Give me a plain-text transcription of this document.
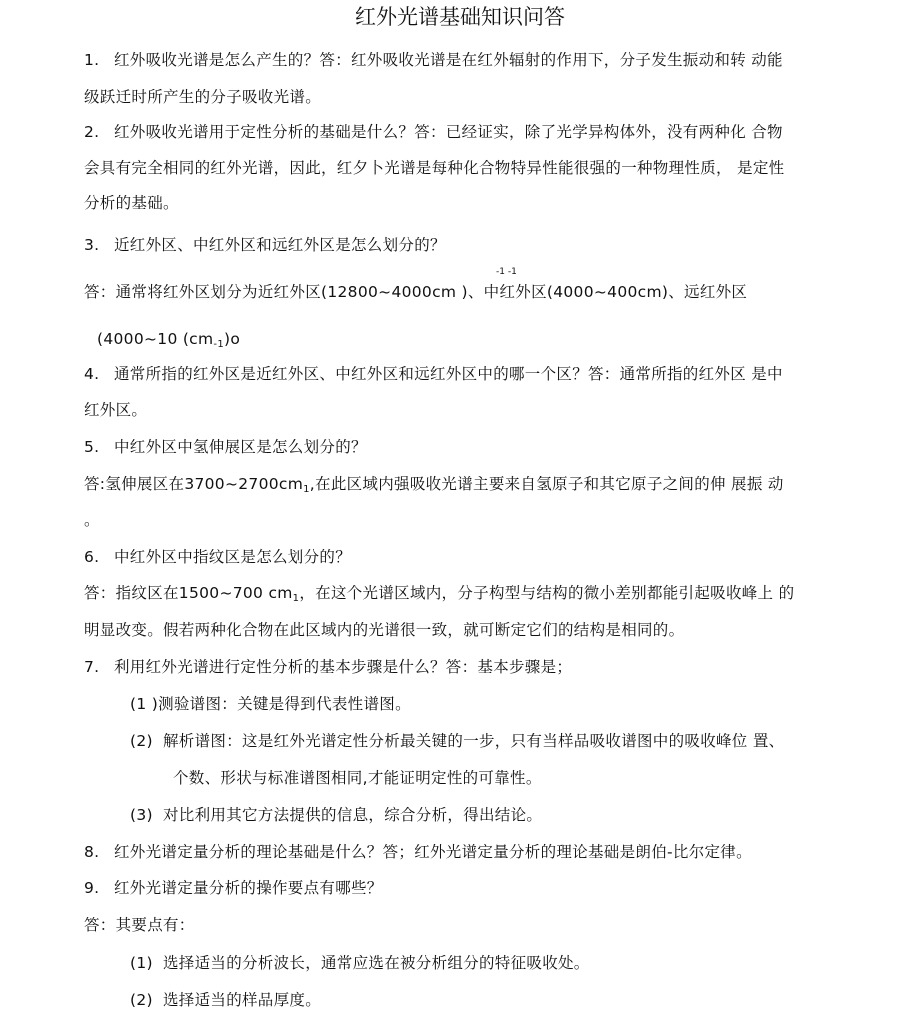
红外光谱基础知识问答
1. 红外吸收光谱是怎么产生的？答：红外吸收光谱是在红外辐射的作用下，分子发生振动和转 动能
级跃迁时所产生的分子吸收光谱。
2. 红外吸收光谱用于定性分析的基础是什么？答：已经证实，除了光学异构体外，没有两种化 合物
会具有完全相同的红外光谱，因此，红夕卜光谱是每种化合物特异性能很强的一种物理性质， 是定性
分析的基础。
3. 近红外区、中红外区和远红外区是怎么划分的？
-1 -1
答：通常将红外区划分为近红外区(12800~4000cm )、中红外区(4000~400cm)、远红外区
(4000~10 $(cm_{-1})o$
4. 通常所指的红外区是近红外区、中红外区和远红外区中的哪一个区？答：通常所指的红外区 是中
红外区。
5. 中红外区中氢伸展区是怎么划分的？
答:氢伸展区在$3700\sim 2700cm_1$,在此区域内强吸收光谱主要来自氢原子和其它原子之间的伸 展振 动
。
6. 中红外区中指纹区是怎么划分的？
答：指纹区在1500~700 $cm_1$，在这个光谱区域内，分子构型与结构的微小差别都能引起吸收峰上 的
明显改变。假若两种化合物在此区域内的光谱很一致，就可断定它们的结构是相同的。
7. 利用红外光谱进行定性分析的基本步骤是什么？答：基本步骤是；
(1 )测验谱图：关键是得到代表性谱图。
(2) 解析谱图：这是红外光谱定性分析最关键的一步，只有当样品吸收谱图中的吸收峰位 置、
个数、形状与标准谱图相同,才能证明定性的可靠性。
(3) 对比利用其它方法提供的信息，综合分析，得出结论。
8. 红外光谱定量分析的理论基础是什么？答；红外光谱定量分析的理论基础是朗伯-比尔定律。
9. 红外光谱定量分析的操作要点有哪些？
答：其要点有：
(1) 选择适当的分析波长，通常应选在被分析组分的特征吸收处。
(2) 选择适当的样品厚度。
